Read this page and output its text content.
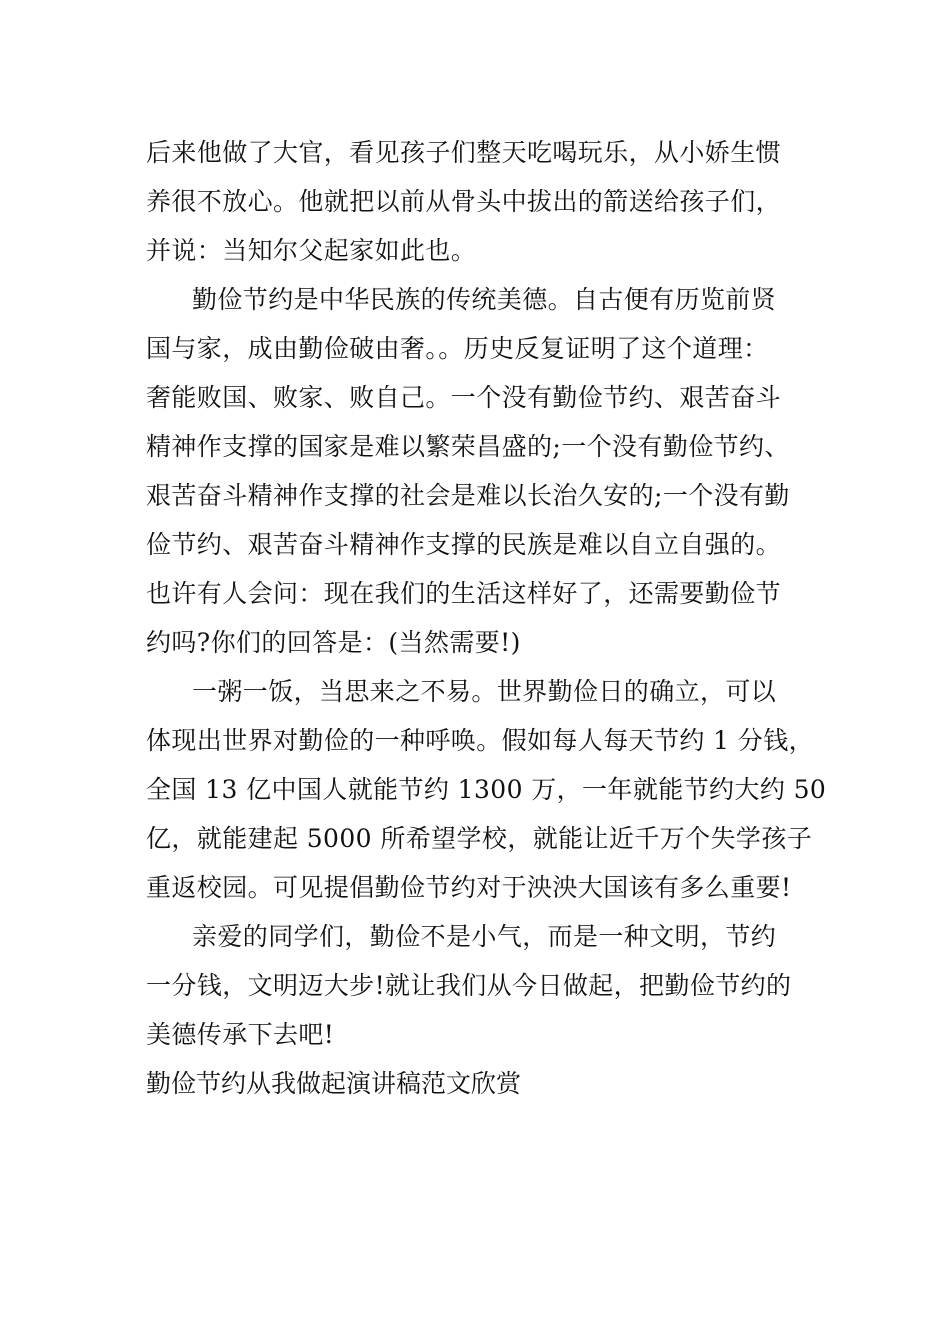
后来他做了大官，看见孩子们整天吃喝玩乐，从小娇生惯
养很不放心。他就把以前从骨头中拔出的箭送给孩子们，
并说：当知尔父起家如此也。
勤俭节约是中华民族的传统美德。自古便有历览前贤
国与家，成由勤俭破由奢。。历史反复证明了这个道理：
奢能败国、败家、败自己。一个没有勤俭节约、艰苦奋斗
精神作支撑的国家是难以繁荣昌盛的;一个没有勤俭节约、
艰苦奋斗精神作支撑的社会是难以长治久安的;一个没有勤
俭节约、艰苦奋斗精神作支撑的民族是难以自立自强的。
也许有人会问：现在我们的生活这样好了，还需要勤俭节
约吗?你们的回答是：(当然需要!)
一粥一饭，当思来之不易。世界勤俭日的确立，可以
体现出世界对勤俭的一种呼唤。假如每人每天节约 1 分钱，
全国 13 亿中国人就能节约 1300 万，一年就能节约大约 50
亿，就能建起 5000 所希望学校，就能让近千万个失学孩子
重返校园。可见提倡勤俭节约对于泱泱大国该有多么重要!
亲爱的同学们，勤俭不是小气，而是一种文明，节约
一分钱，文明迈大步!就让我们从今日做起，把勤俭节约的
美德传承下去吧!
勤俭节约从我做起演讲稿范文欣赏
